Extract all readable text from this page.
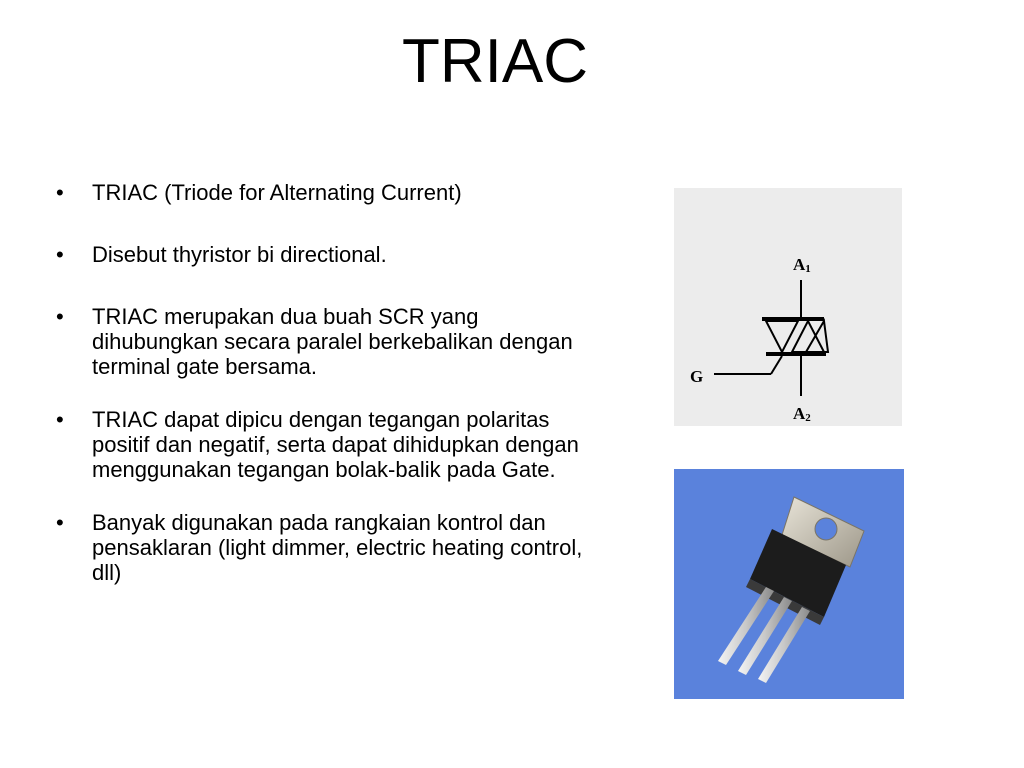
TRIAC
• TRIAC (Triode for Alternating Current)
• Disebut thyristor bi directional.
• TRIAC merupakan dua buah SCR yang dihubungkan secara paralel berkebalikan dengan terminal gate bersama.
• TRIAC dapat dipicu dengan tegangan polaritas positif dan negatif, serta dapat dihidupkan dengan menggunakan tegangan bolak-balik pada Gate.
• Banyak digunakan pada rangkaian kontrol dan pensaklaran (light dimmer, electric heating control, dll)
A1
A2
G
